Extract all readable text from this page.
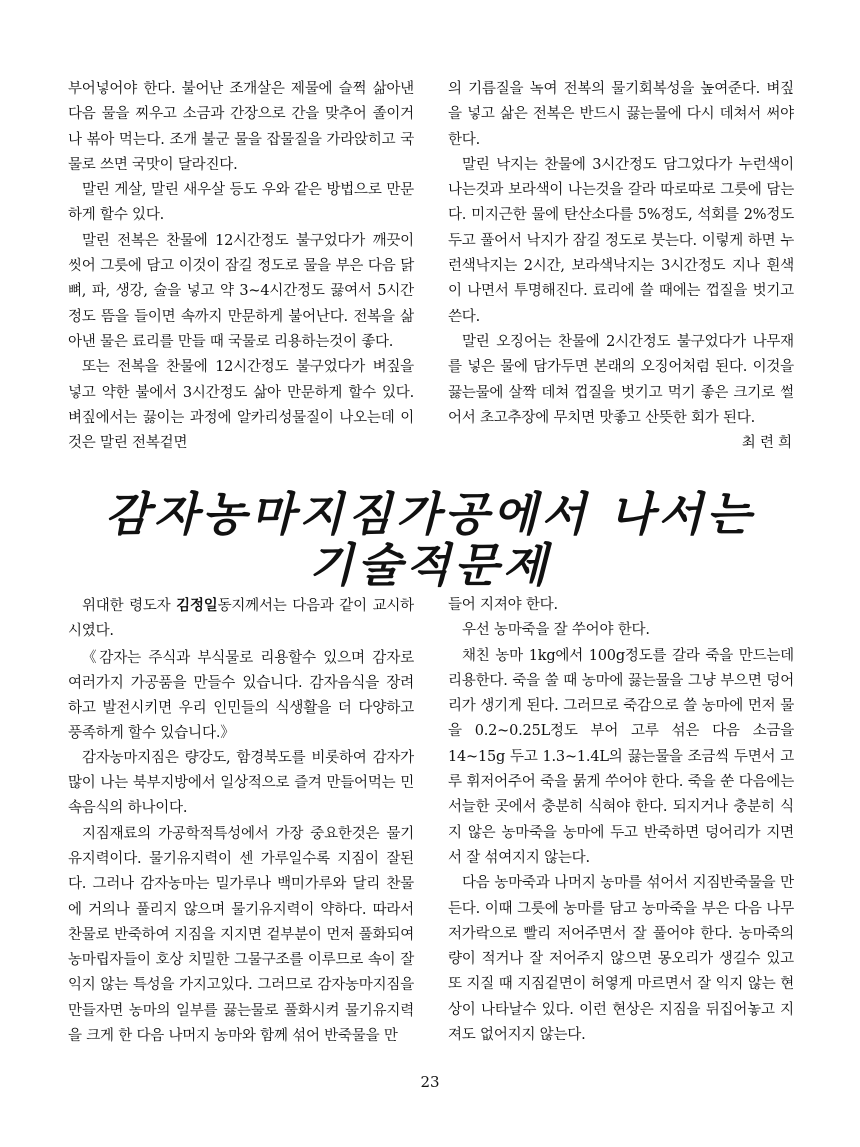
부어넣어야 한다. 불어난 조개살은 제물에 슬쩍 삶아낸 다음 물을 찌우고 소금과 간장으로 간을 맞추어 졸이거나 볶아 먹는다. 조개 불군 물을 잡물질을 가라앉히고 국물로 쓰면 국맛이 달라진다.

말린 게살, 말린 새우살 등도 우와 같은 방법으로 만문하게 할수 있다.

말린 전복은 찬물에 12시간정도 불구었다가 깨끗이 씻어 그릇에 담고 이것이 잠길 정도로 물을 부은 다음 닭뼈, 파, 생강, 술을 넣고 약 3~4시간정도 끓여서 5시간정도 뜸을 들이면 속까지 만문하게 불어난다. 전복을 삶아낸 물은 료리를 만들 때 국물로 리용하는것이 좋다.

또는 전복을 찬물에 12시간정도 불구었다가 벼짚을 넣고 약한 불에서 3시간정도 삶아 만문하게 할수 있다. 벼짚에서는 끓이는 과정에 알카리성물질이 나오는데 이것은 말린 전복겉면

의 기름질을 녹여 전복의 물기회복성을 높여준다. 벼짚을 넣고 삶은 전복은 반드시 끓는물에 다시 데쳐서 써야 한다.

말린 낙지는 찬물에 3시간정도 담그었다가 누런색이 나는것과 보라색이 나는것을 갈라 따로따로 그릇에 담는다. 미지근한 물에 탄산소다를 5%정도, 석회를 2%정도 두고 풀어서 낙지가 잠길 정도로 붓는다. 이렇게 하면 누런색낙지는 2시간, 보라색낙지는 3시간정도 지나 흰색이 나면서 투명해진다. 료리에 쓸 때에는 껍질을 벗기고 쓴다.

말린 오징어는 찬물에 2시간정도 불구었다가 나무재를 넣은 물에 담가두면 본래의 오징어처럼 된다. 이것을 끓는물에 살짝 데쳐 껍질을 벗기고 먹기 좋은 크기로 썰어서 초고추장에 무치면 맛좋고 산뜻한 회가 된다.

최 련 희

감자농마지짐가공에서 나서는
기술적문제

위대한 령도자 김정일동지께서는 다음과 같이 교시하시였다.

《감자는 주식과 부식물로 리용할수 있으며 감자로 여러가지 가공품을 만들수 있습니다. 감자음식을 장려하고 발전시키면 우리 인민들의 식생활을 더 다양하고 풍족하게 할수 있습니다.》

감자농마지짐은 량강도, 함경북도를 비롯하여 감자가 많이 나는 북부지방에서 일상적으로 즐겨 만들어먹는 민속음식의 하나이다.

지짐재료의 가공학적특성에서 가장 중요한것은 물기유지력이다. 물기유지력이 센 가루일수록 지짐이 잘된다. 그러나 감자농마는 밀가루나 백미가루와 달리 찬물에 거의나 풀리지 않으며 물기유지력이 약하다. 따라서 찬물로 반죽하여 지짐을 지지면 겉부분이 먼저 풀화되여 농마립자들이 호상 치밀한 그물구조를 이루므로 속이 잘 익지 않는 특성을 가지고있다. 그러므로 감자농마지짐을 만들자면 농마의 일부를 끓는물로 풀화시켜 물기유지력을 크게 한 다음 나머지 농마와 함께 섞어 반죽물을 만

들어 지져야 한다.

우선 농마죽을 잘 쑤어야 한다.

채친 농마 1kg에서 100g정도를 갈라 죽을 만드는데 리용한다. 죽을 쑬 때 농마에 끓는물을 그냥 부으면 덩어리가 생기게 된다. 그러므로 죽감으로 쓸 농마에 먼저 물을 0.2~0.25L정도 부어 고루 섞은 다음 소금을 14~15g 두고 1.3~1.4L의 끓는물을 조금씩 두면서 고루 휘저어주어 죽을 묽게 쑤어야 한다. 죽을 쑨 다음에는 서늘한 곳에서 충분히 식혀야 한다. 되지거나 충분히 식지 않은 농마죽을 농마에 두고 반죽하면 덩어리가 지면서 잘 섞여지지 않는다.

다음 농마죽과 나머지 농마를 섞어서 지짐반죽물을 만든다. 이때 그릇에 농마를 담고 농마죽을 부은 다음 나무저가락으로 빨리 저어주면서 잘 풀어야 한다. 농마죽의 량이 적거나 잘 저어주지 않으면 몽오리가 생길수 있고 또 지질 때 지짐겉면이 허옇게 마르면서 잘 익지 않는 현상이 나타날수 있다. 이런 현상은 지짐을 뒤집어놓고 지져도 없어지지 않는다.

23
